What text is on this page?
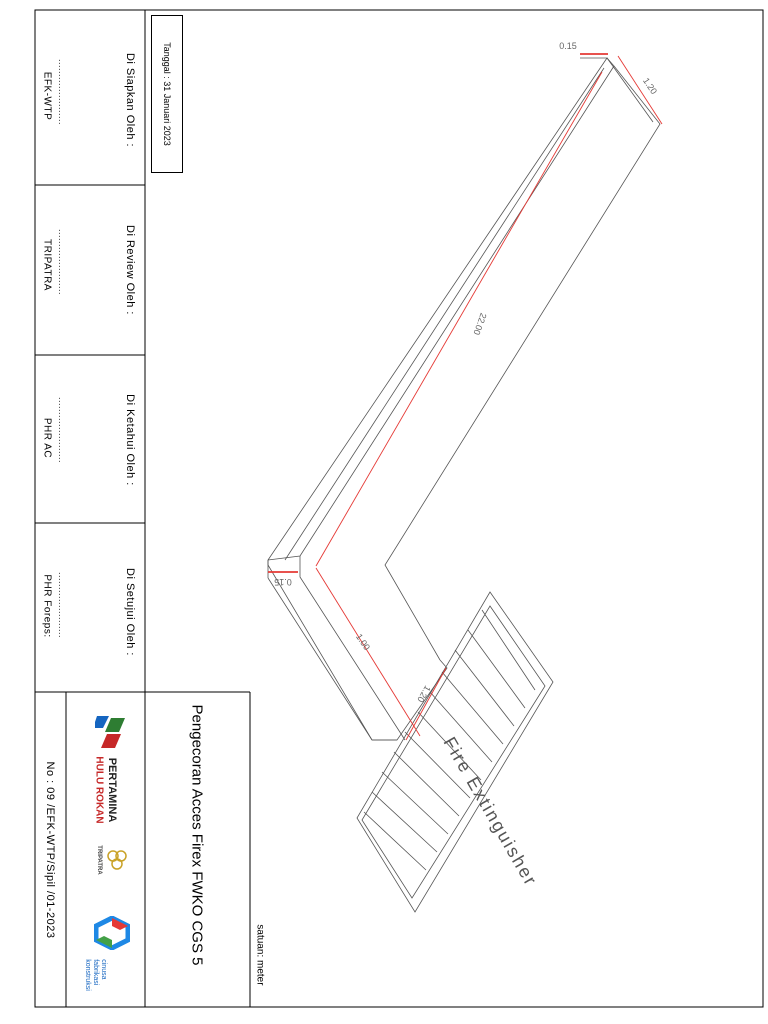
Di Siapkan Oleh :
......................
EFK-WTP
Di Review Oleh :
......................
TRIPATRA
Di Ketahui Oleh :
......................
PHR AC
Di Setujui Oleh :
......................
PHR Foreps:
Tanggal : 31 Januari 2023
Pengecoran Acces Firex FWKO CGS 5
No : 09 /EFK-WTP/Sipil /01-2023
satuan: meter
PERTAMINA
HULU ROKAN
TRIPATRA
cinusa
fabrikasi
konstruksi
Fire Extinguisher
0.15
1.20
22.00
0.15
1.00
1.20
